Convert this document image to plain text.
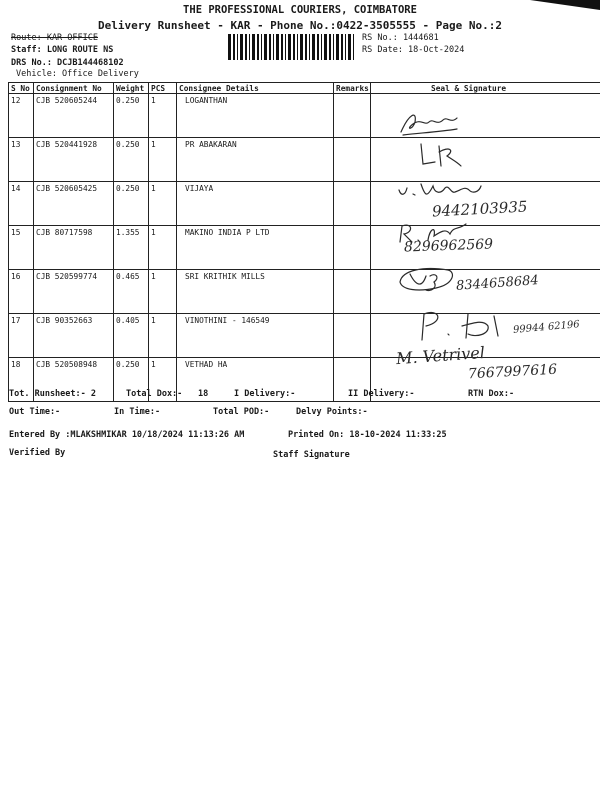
THE PROFESSIONAL COURIERS, COIMBATORE
Delivery Runsheet - KAR - Phone No.:0422-3505555 - Page No.:2
Route: KAR OFFICE
Staff: LONG ROUTE NS
DRS No.: DCJB144468102
Vehicle: Office Delivery
RS No.: 1444681
RS Date: 18-Oct-2024
S No	Consignment No	Weight	PCS	Consignee Details	Remarks	Seal & Signature
12	CJB 520605244	0.250	1	LOGANTHAN		
13	CJB 520441928	0.250	1	PR ABAKARAN		
14	CJB 520605425	0.250	1	VIJAYA		
15	CJB 80717598	1.355	1	MAKINO INDIA P LTD		
16	CJB 520599774	0.465	1	SRI KRITHIK MILLS		
17	CJB 90352663	0.405	1	VINOTHINI - 146549		
18	CJB 520508948	0.250	1	VETHAD HA		
9442103935
8296962569
8344658684
99944 62196
M. Vetrivel
7667997616
Tot. Runsheet:- 2	Total Dox:- 18	I Delivery:-	II Delivery:-	RTN Dox:-
Out Time:-	In Time:-	Total POD:-	Delvy Points:-
Entered By :MLAKSHMIKAR 10/18/2024 11:13:26 AM	Printed On: 18-10-2024 11:33:25
Verified By	Staff Signature
